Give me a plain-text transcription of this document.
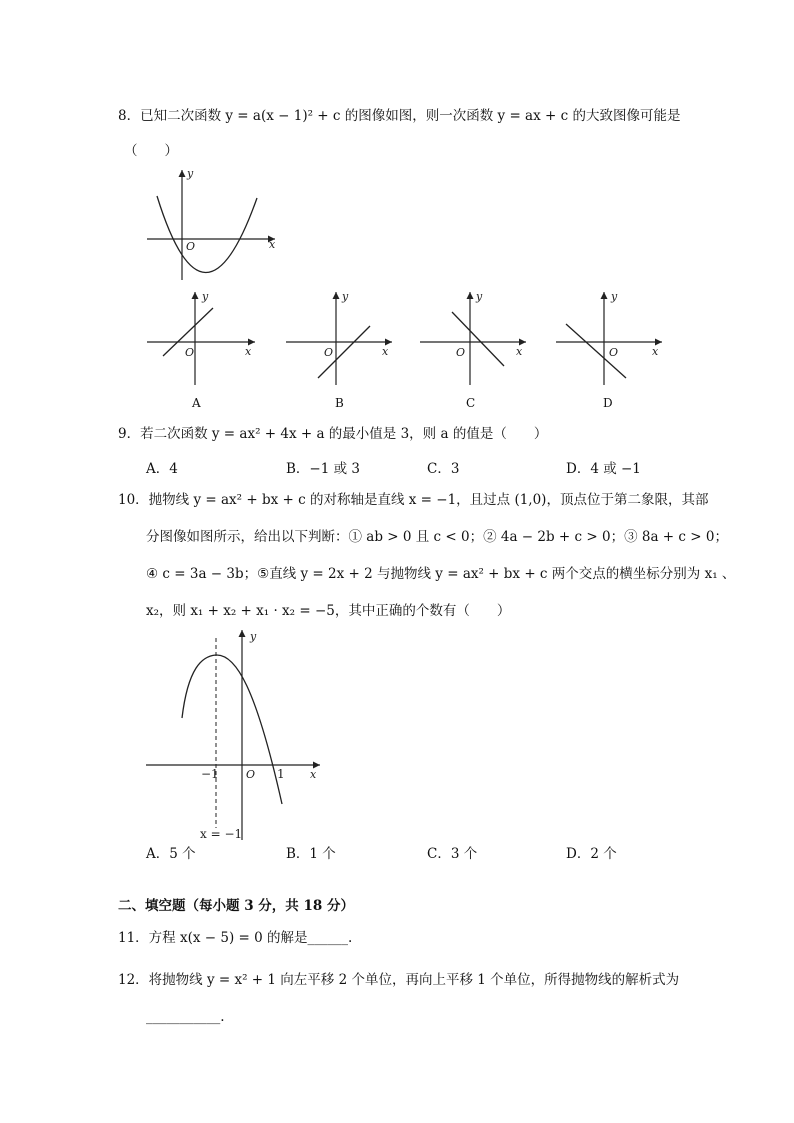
8．已知二次函数 y = a(x − 1)² + c 的图像如图，则一次函数 y = ax + c 的大致图像可能是
（　　）
y
x
O
y
x
O
A
y
x
O
B
y
x
O
C
y
x
O
D
9．若二次函数 y = ax² + 4x + a 的最小值是 3，则 a 的值是（　　）
A．4	B．−1 或 3	C．3	D．4 或 −1
10．抛物线 y = ax² + bx + c 的对称轴是直线 x = −1，且过点 (1,0)，顶点位于第二象限，其部
分图像如图所示，给出以下判断：① ab > 0 且 c < 0；② 4a − 2b + c > 0；③ 8a + c > 0；
④ c = 3a − 3b；⑤直线 y = 2x + 2 与抛物线 y = ax² + bx + c 两个交点的横坐标分别为 x₁ 、
x₂，则 x₁ + x₂ + x₁ · x₂ = −5，其中正确的个数有（　　）
y
x
O
−1	1
x = −1
A．5 个	B．1 个	C．3 个	D．2 个
二、填空题（每小题 3 分，共 18 分）
11．方程 x(x − 5) = 0 的解是______.
12．将抛物线 y = x² + 1 向左平移 2 个单位，再向上平移 1 个单位，所得抛物线的解析式为
___________.
